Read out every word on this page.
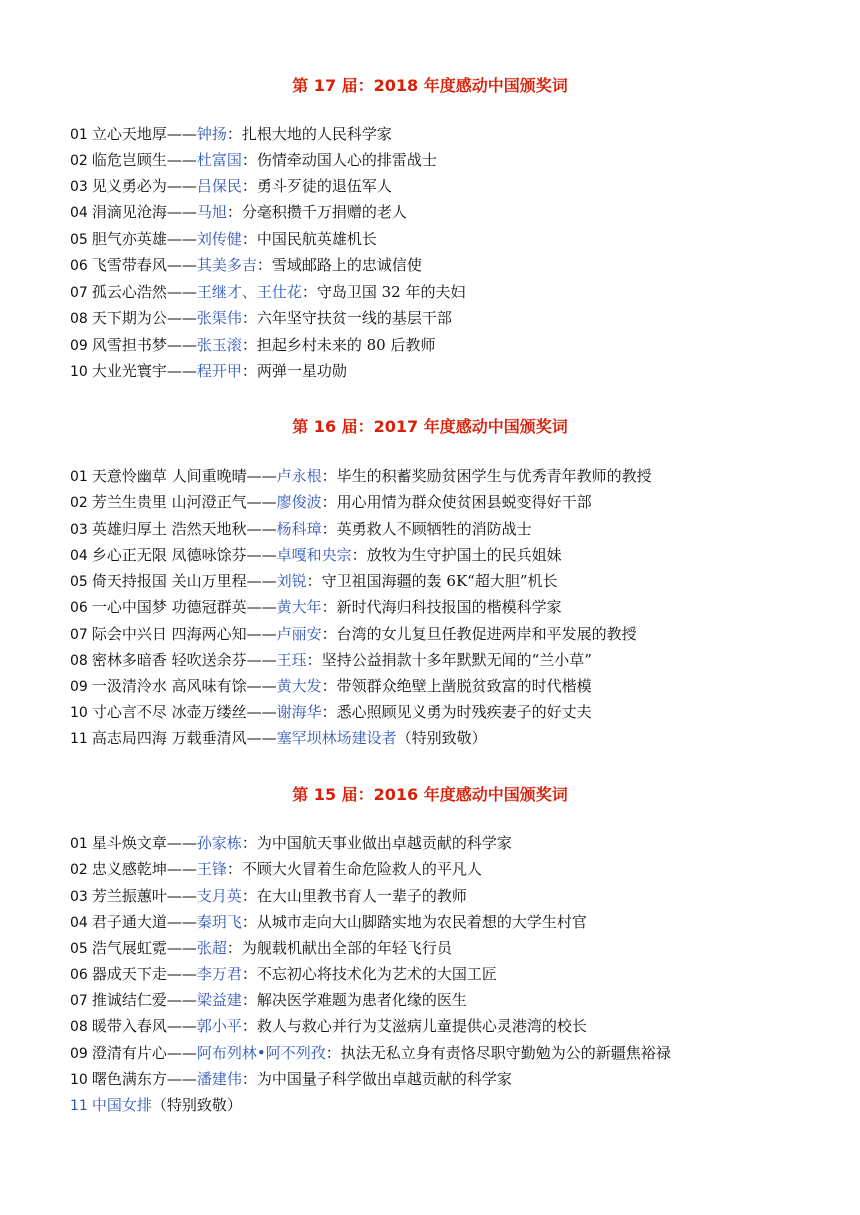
第 17 届：2018 年度感动中国颁奖词
01 立心天地厚——钟扬：扎根大地的人民科学家
02 临危岂顾生——杜富国：伤情牵动国人心的排雷战士
03 见义勇必为——吕保民：勇斗歹徒的退伍军人
04 涓滴见沧海——马旭：分毫积攒千万捐赠的老人
05 胆气亦英雄——刘传健：中国民航英雄机长
06 飞雪带春风——其美多吉：雪域邮路上的忠诚信使
07 孤云心浩然——王继才、王仕花：守岛卫国 32 年的夫妇
08 天下期为公——张渠伟：六年坚守扶贫一线的基层干部
09 风雪担书梦——张玉滚：担起乡村未来的 80 后教师
10 大业光寰宇——程开甲：两弹一星功勋
第 16 届：2017 年度感动中国颁奖词
01 天意怜幽草 人间重晚晴——卢永根：毕生的积蓄奖励贫困学生与优秀青年教师的教授
02 芳兰生贵里 山河澄正气——廖俊波：用心用情为群众使贫困县蜕变得好干部
03 英雄归厚土 浩然天地秋——杨科璋：英勇救人不顾牺牲的消防战士
04 乡心正无限 凤德咏馀芬——卓嘎和央宗：放牧为生守护国土的民兵姐妹
05 倚天持报国 关山万里程——刘锐：守卫祖国海疆的轰 6K“超大胆”机长
06 一心中国梦 功德冠群英——黄大年：新时代海归科技报国的楷模科学家
07 际会中兴日 四海两心知——卢丽安：台湾的女儿复旦任教促进两岸和平发展的教授
08 密林多暗香 轻吹送余芬——王珏：坚持公益捐款十多年默默无闻的“兰小草”
09 一汲清泠水 高风味有馀——黄大发：带领群众绝壁上凿脱贫致富的时代楷模
10 寸心言不尽 冰壶万缕丝——谢海华：悉心照顾见义勇为时残疾妻子的好丈夫
11 高志局四海 万载垂清风——塞罕坝林场建设者（特别致敬）
第 15 届：2016 年度感动中国颁奖词
01 星斗焕文章——孙家栋：为中国航天事业做出卓越贡献的科学家
02 忠义感乾坤——王锋：不顾大火冒着生命危险救人的平凡人
03 芳兰振蕙叶——支月英：在大山里教书育人一辈子的教师
04 君子通大道——秦玥飞：从城市走向大山脚踏实地为农民着想的大学生村官
05 浩气展虹霓——张超：为舰载机献出全部的年轻飞行员
06 器成天下走——李万君：不忘初心将技术化为艺术的大国工匠
07 推诚结仁爱——梁益建：解决医学难题为患者化缘的医生
08 暖带入春风——郭小平：救人与救心并行为艾滋病儿童提供心灵港湾的校长
09 澄清有片心——阿布列林•阿不列孜：执法无私立身有责恪尽职守勤勉为公的新疆焦裕禄
10 曙色满东方——潘建伟：为中国量子科学做出卓越贡献的科学家
11 中国女排（特别致敬）
